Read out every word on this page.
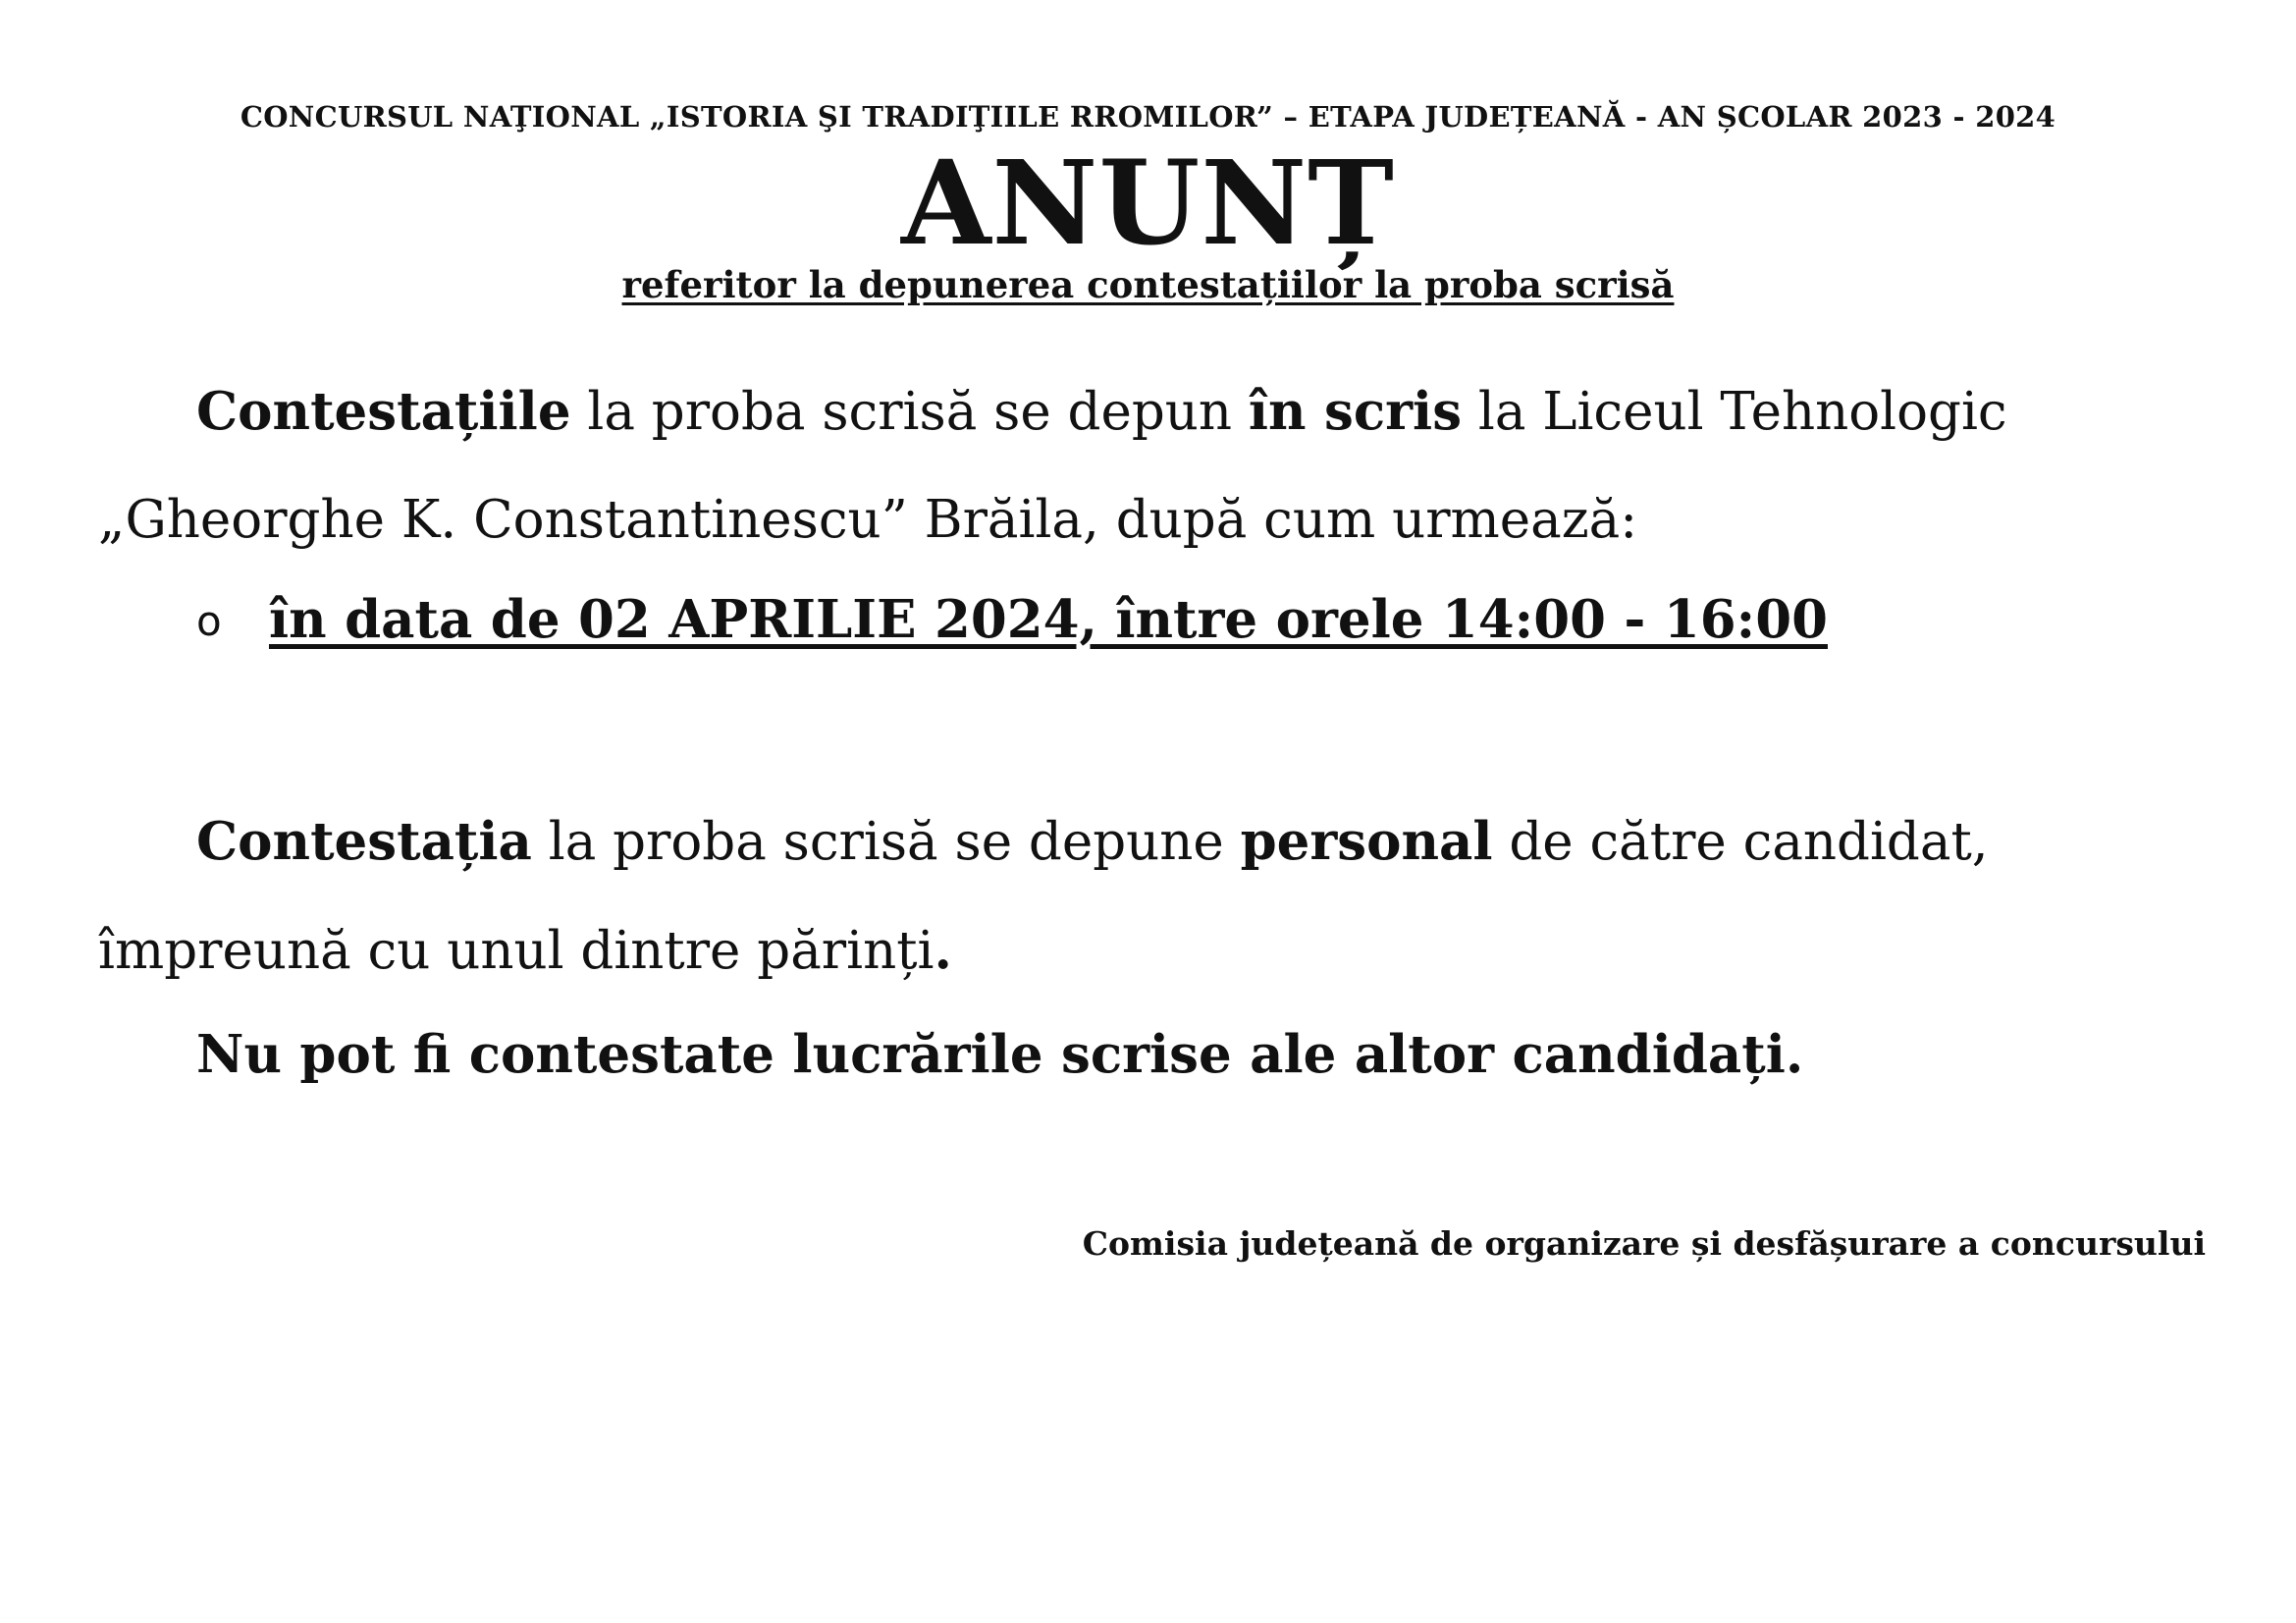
CONCURSUL NAŢIONAL „ISTORIA ŞI TRADIŢIILE RROMILOR” – ETAPA JUDEȚEANĂ - AN ȘCOLAR 2023 - 2024
ANUNȚ
referitor la depunerea contestațiilor la proba scrisă
Contestațiile la proba scrisă se depun în scris la Liceul Tehnologic „Gheorghe K. Constantinescu” Brăila, după cum urmează:
o în data de 02 APRILIE 2024, între orele 14:00 - 16:00
Contestația la proba scrisă se depune personal de către candidat, împreună cu unul dintre părinți.
Nu pot fi contestate lucrările scrise ale altor candidați.
Comisia județeană de organizare și desfășurare a concursului
